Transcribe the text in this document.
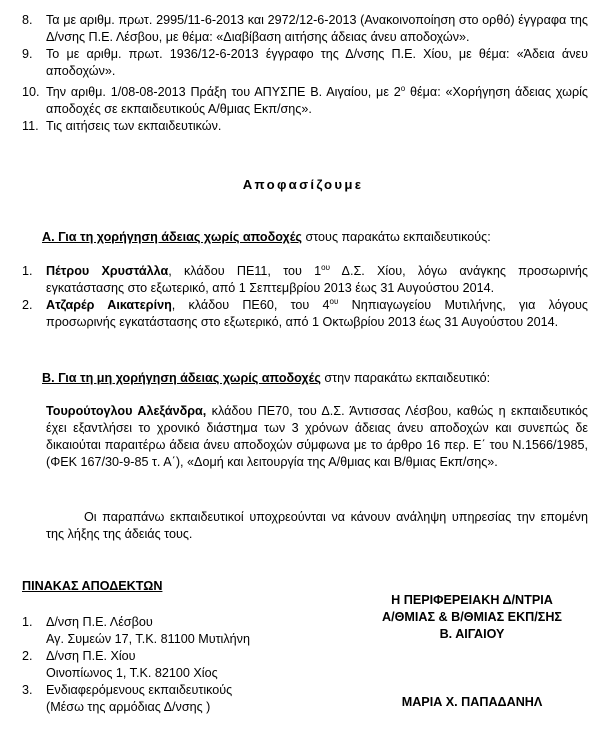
8.	Τα με αριθμ. πρωτ. 2995/11-6-2013 και 2972/12-6-2013 (Ανακοινοποίηση στο ορθό) έγγραφα της Δ/νσης Π.Ε. Λέσβου, με θέμα: «Διαβίβαση αιτήσης άδειας άνευ αποδοχών».
9.	Το με αριθμ. πρωτ. 1936/12-6-2013 έγγραφο της Δ/νσης Π.Ε. Χίου, με θέμα: «Άδεια άνευ αποδοχών».
10. Την αριθμ. 1/08-08-2013 Πράξη του ΑΠΥΣΠΕ Β. Αιγαίου, με $2^o$ θέμα: «Χορήγηση άδειας χωρίς αποδοχές σε εκπαιδευτικούς Α/θμιας Εκπ/σης».
11. Τις αιτήσεις των εκπαιδευτικών.
Αποφασίζουμε
Α. Για τη χορήγηση άδειας χωρίς αποδοχές στους παρακάτω εκπαιδευτικούς:
1.	Πέτρου Χρυστάλλα, κλάδου ΠΕ11, του $1^{o\upsilon}$ Δ.Σ. Χίου, λόγω ανάγκης προσωρινής
εγκατάστασης στο εξωτερικό, από 1 Σεπτεμβρίου 2013 έως 31 Αυγούστου 2014.
2.	Ατζαρέρ Αικατερίνη, κλάδου ΠΕ60, του $4^{o\upsilon}$ Νηπιαγωγείου Μυτιλήνης, για λόγους
προσωρινής εγκατάστασης στο εξωτερικό, από 1 Οκτωβρίου 2013 έως 31 Αυγούστου 2014.
Β. Για τη μη χορήγηση άδειας χωρίς αποδοχές στην παρακάτω εκπαιδευτικό:
Τουρούτογλου Αλεξάνδρα, κλάδου ΠΕ70, του Δ.Σ. Άντισσας Λέσβου, καθώς η εκπαιδευτικός έχει εξαντλήσει το χρονικό διάστημα των 3 χρόνων άδειας άνευ αποδοχών και συνεπώς δε δικαιούται παραιτέρω άδεια άνευ αποδοχών σύμφωνα με το άρθρο 16 περ. Ε΄ του Ν.1566/1985, (ΦΕΚ 167/30-9-85 τ. Α΄), «Δομή και λειτουργία της Α/θμιας και Β/θμιας Εκπ/σης».
Οι παραπάνω εκπαιδευτικοί υποχρεούνται να κάνουν ανάληψη υπηρεσίας την επομένη της λήξης της άδειάς τους.
ΠΙΝΑΚΑΣ ΑΠΟΔΕΚΤΩΝ
1. Δ/νση Π.Ε. Λέσβου
Αγ. Συμεών 17, Τ.Κ. 81100 Μυτιλήνη
2. Δ/νση Π.Ε. Χίου
Οινοπίωνος 1, Τ.Κ. 82100 Χίος
3. Ενδιαφερόμενους εκπαιδευτικούς
(Μέσω της αρμόδιας Δ/νσης )
Η ΠΕΡΙΦΕΡΕΙΑΚΗ Δ/ΝΤΡΙΑ
Α/ΘΜΙΑΣ & Β/ΘΜΙΑΣ ΕΚΠ/ΣΗΣ
Β. ΑΙΓΑΙΟΥ
ΜΑΡΙΑ Χ. ΠΑΠΑΔΑΝΗΛ
